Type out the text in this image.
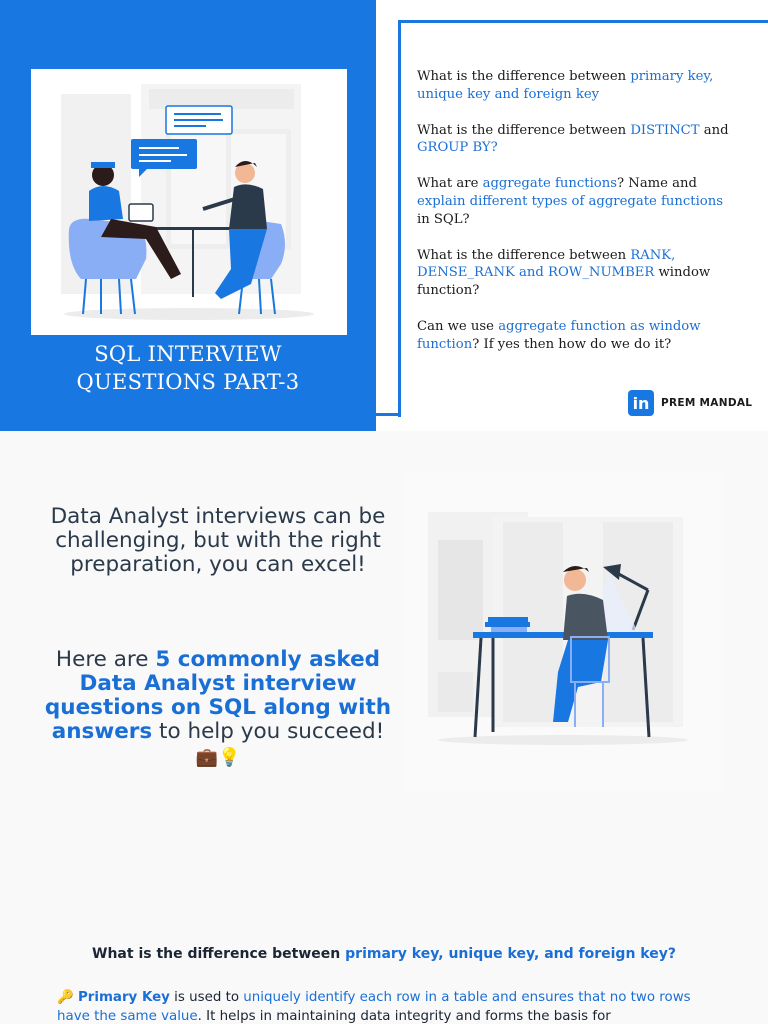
SQL INTERVIEW
QUESTIONS PART-3
What is the difference between primary key, unique key and foreign key
What is the difference between DISTINCT and GROUP BY?
What are aggregate functions? Name and explain different types of aggregate functions in SQL?
What is the difference between RANK, DENSE_RANK and ROW_NUMBER window function?
Can we use aggregate function as window function? If yes then how do we do it?
in	PREM MANDAL
Data Analyst interviews can be challenging, but with the right preparation, you can excel!
Here are 5 commonly asked Data Analyst interview questions on SQL along with answers to help you succeed!
💼💡
What is the difference between primary key, unique key, and foreign key?
🔑 Primary Key is used to uniquely identify each row in a table and ensures that no two rows have the same value. It helps in maintaining data integrity and forms the basis for
